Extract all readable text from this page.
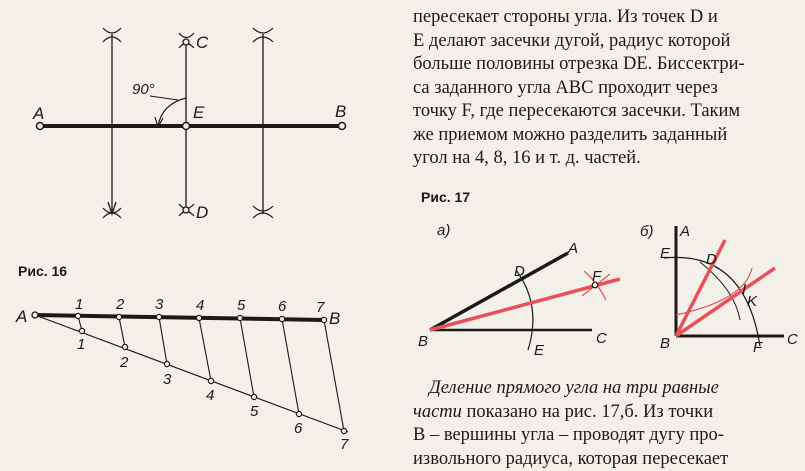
90°
A	B
C
D
E
A	B
1 2 3 4 5 6 7
1
2
3
4
5
6
7
а)
A
B	C
D
E
F
б) A
B	C
D
E
F
I
K
Рис. 16
Рис. 17
пересекает стороны угла. Из точек D и
E делают засечки дугой, радиус которой
больше половины отрезка DE. Биссектри-
са заданного угла ABC проходит через
точку F, где пересекаются засечки. Таким
же приемом можно разделить заданный
угол на 4, 8, 16 и т. д. частей.
Деление прямого угла на три равные
части показано на рис. 17,б. Из точки
B – вершины угла – проводят дугу про-
извольного радиуса, которая пересекает
